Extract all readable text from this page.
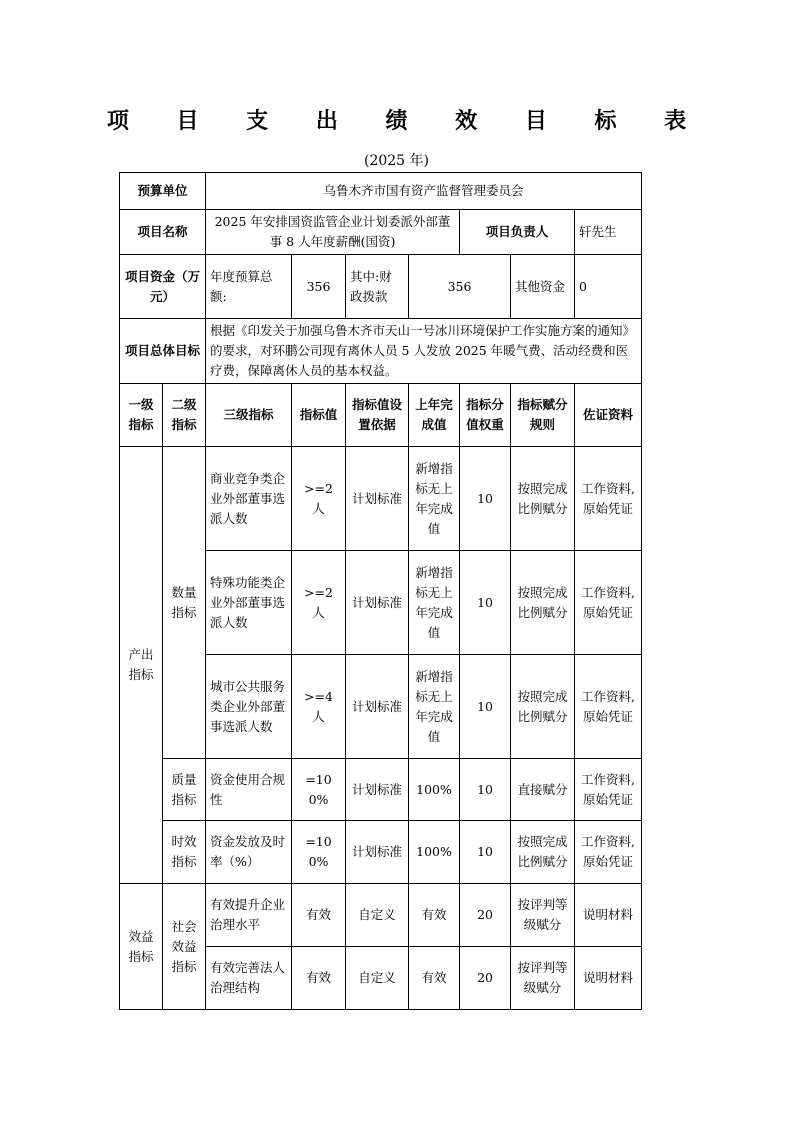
项 目 支 出 绩 效 目 标 表
(2025 年)
预算单位		乌鲁木齐市国有资产监督管理委员会						
项目名称		2025 年安排国资监管企业计划委派外部董事 8 人年度薪酬(国资)				项目负责人		轩先生
项目资金（万元）		年度预算总额:	356	其中:财政拨款	356		其他资金	0
项目总体目标		根据《印发关于加强乌鲁木齐市天山一号冰川环境保护工作实施方案的通知》的要求，对环鹏公司现有离休人员 5 人发放 2025 年暖气费、活动经费和医疗费，保障离休人员的基本权益。						
一级指标	二级指标	三级指标	指标值	指标值设置依据	上年完成值	指标分值权重	指标赋分规则	佐证资料
产出指标	数量指标	商业竞争类企业外部董事选派人数	>=2 人	计划标准	新增指标无上年完成值	10	按照完成比例赋分	工作资料,原始凭证
		特殊功能类企业外部董事选派人数	>=2 人	计划标准	新增指标无上年完成值	10	按照完成比例赋分	工作资料,原始凭证
		城市公共服务类企业外部董事选派人数	>=4 人	计划标准	新增指标无上年完成值	10	按照完成比例赋分	工作资料,原始凭证
	质量指标	资金使用合规性	=100%	计划标准	100%	10	直接赋分	工作资料,原始凭证
	时效指标	资金发放及时率（%）	=100%	计划标准	100%	10	按照完成比例赋分	工作资料,原始凭证
效益指标	社会效益指标	有效提升企业治理水平	有效	自定义	有效	20	按评判等级赋分	说明材料
		有效完善法人治理结构	有效	自定义	有效	20	按评判等级赋分	说明材料
